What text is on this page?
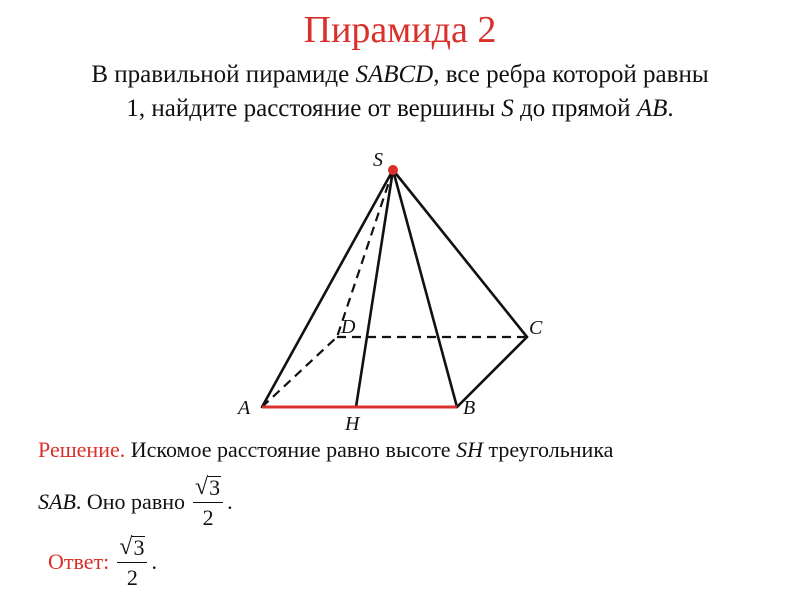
Пирамида 2
В правильной пирамиде SABCD, все ребра которой равны
1, найдите расстояние от вершины S до прямой AB.
S
A	B
C
D
H
Решение. Искомое расстояние равно высоте SH треугольника
SAB . Оно равно $\frac{√ 3}{2}$ .
Ответ: $\frac{√ 3}{2}$ .
